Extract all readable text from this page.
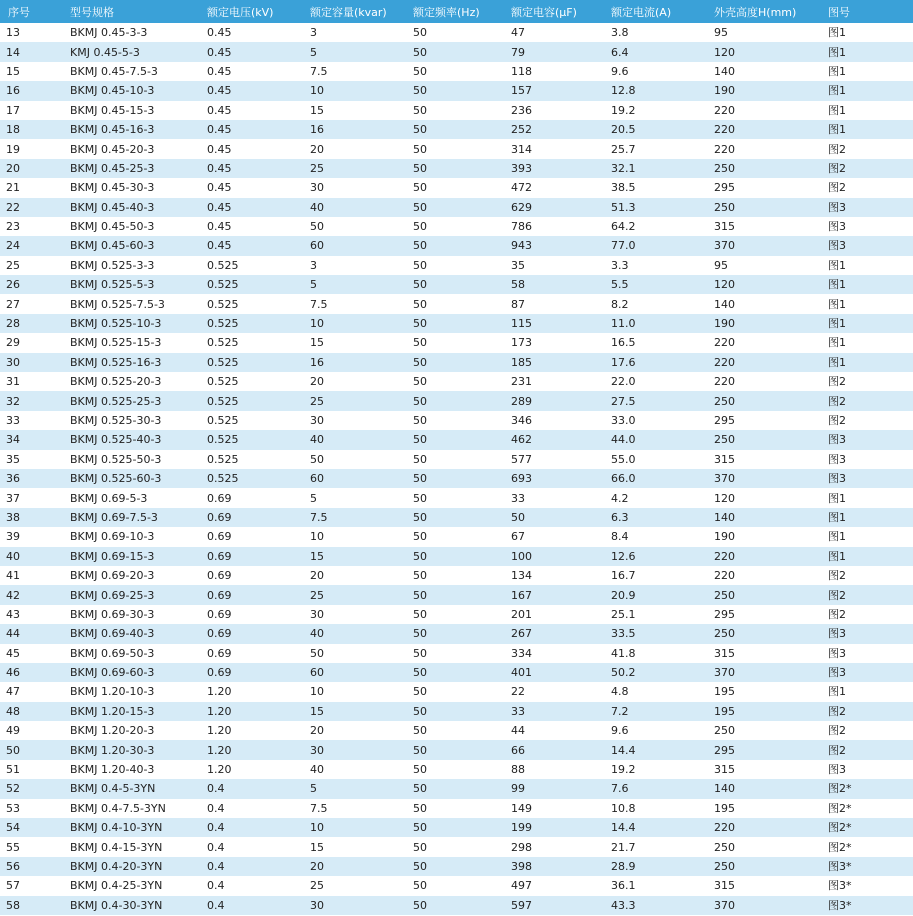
序号	型号规格	额定电压(kV)	额定容量(kvar)	额定频率(Hz)	额定电容(μF)	额定电流(A)	外壳高度H(mm)	图号
13	BKMJ 0.45-3-3	0.45	3	50	47	3.8	95	图1
14	KMJ 0.45-5-3	0.45	5	50	79	6.4	120	图1
15	BKMJ 0.45-7.5-3	0.45	7.5	50	118	9.6	140	图1
16	BKMJ 0.45-10-3	0.45	10	50	157	12.8	190	图1
17	BKMJ 0.45-15-3	0.45	15	50	236	19.2	220	图1
18	BKMJ 0.45-16-3	0.45	16	50	252	20.5	220	图1
19	BKMJ 0.45-20-3	0.45	20	50	314	25.7	220	图2
20	BKMJ 0.45-25-3	0.45	25	50	393	32.1	250	图2
21	BKMJ 0.45-30-3	0.45	30	50	472	38.5	295	图2
22	BKMJ 0.45-40-3	0.45	40	50	629	51.3	250	图3
23	BKMJ 0.45-50-3	0.45	50	50	786	64.2	315	图3
24	BKMJ 0.45-60-3	0.45	60	50	943	77.0	370	图3
25	BKMJ 0.525-3-3	0.525	3	50	35	3.3	95	图1
26	BKMJ 0.525-5-3	0.525	5	50	58	5.5	120	图1
27	BKMJ 0.525-7.5-3	0.525	7.5	50	87	8.2	140	图1
28	BKMJ 0.525-10-3	0.525	10	50	115	11.0	190	图1
29	BKMJ 0.525-15-3	0.525	15	50	173	16.5	220	图1
30	BKMJ 0.525-16-3	0.525	16	50	185	17.6	220	图1
31	BKMJ 0.525-20-3	0.525	20	50	231	22.0	220	图2
32	BKMJ 0.525-25-3	0.525	25	50	289	27.5	250	图2
33	BKMJ 0.525-30-3	0.525	30	50	346	33.0	295	图2
34	BKMJ 0.525-40-3	0.525	40	50	462	44.0	250	图3
35	BKMJ 0.525-50-3	0.525	50	50	577	55.0	315	图3
36	BKMJ 0.525-60-3	0.525	60	50	693	66.0	370	图3
37	BKMJ 0.69-5-3	0.69	5	50	33	4.2	120	图1
38	BKMJ 0.69-7.5-3	0.69	7.5	50	50	6.3	140	图1
39	BKMJ 0.69-10-3	0.69	10	50	67	8.4	190	图1
40	BKMJ 0.69-15-3	0.69	15	50	100	12.6	220	图1
41	BKMJ 0.69-20-3	0.69	20	50	134	16.7	220	图2
42	BKMJ 0.69-25-3	0.69	25	50	167	20.9	250	图2
43	BKMJ 0.69-30-3	0.69	30	50	201	25.1	295	图2
44	BKMJ 0.69-40-3	0.69	40	50	267	33.5	250	图3
45	BKMJ 0.69-50-3	0.69	50	50	334	41.8	315	图3
46	BKMJ 0.69-60-3	0.69	60	50	401	50.2	370	图3
47	BKMJ 1.20-10-3	1.20	10	50	22	4.8	195	图1
48	BKMJ 1.20-15-3	1.20	15	50	33	7.2	195	图2
49	BKMJ 1.20-20-3	1.20	20	50	44	9.6	250	图2
50	BKMJ 1.20-30-3	1.20	30	50	66	14.4	295	图2
51	BKMJ 1.20-40-3	1.20	40	50	88	19.2	315	图3
52	BKMJ 0.4-5-3YN	0.4	5	50	99	7.6	140	图2*
53	BKMJ 0.4-7.5-3YN	0.4	7.5	50	149	10.8	195	图2*
54	BKMJ 0.4-10-3YN	0.4	10	50	199	14.4	220	图2*
55	BKMJ 0.4-15-3YN	0.4	15	50	298	21.7	250	图2*
56	BKMJ 0.4-20-3YN	0.4	20	50	398	28.9	250	图3*
57	BKMJ 0.4-25-3YN	0.4	25	50	497	36.1	315	图3*
58	BKMJ 0.4-30-3YN	0.4	30	50	597	43.3	370	图3*
